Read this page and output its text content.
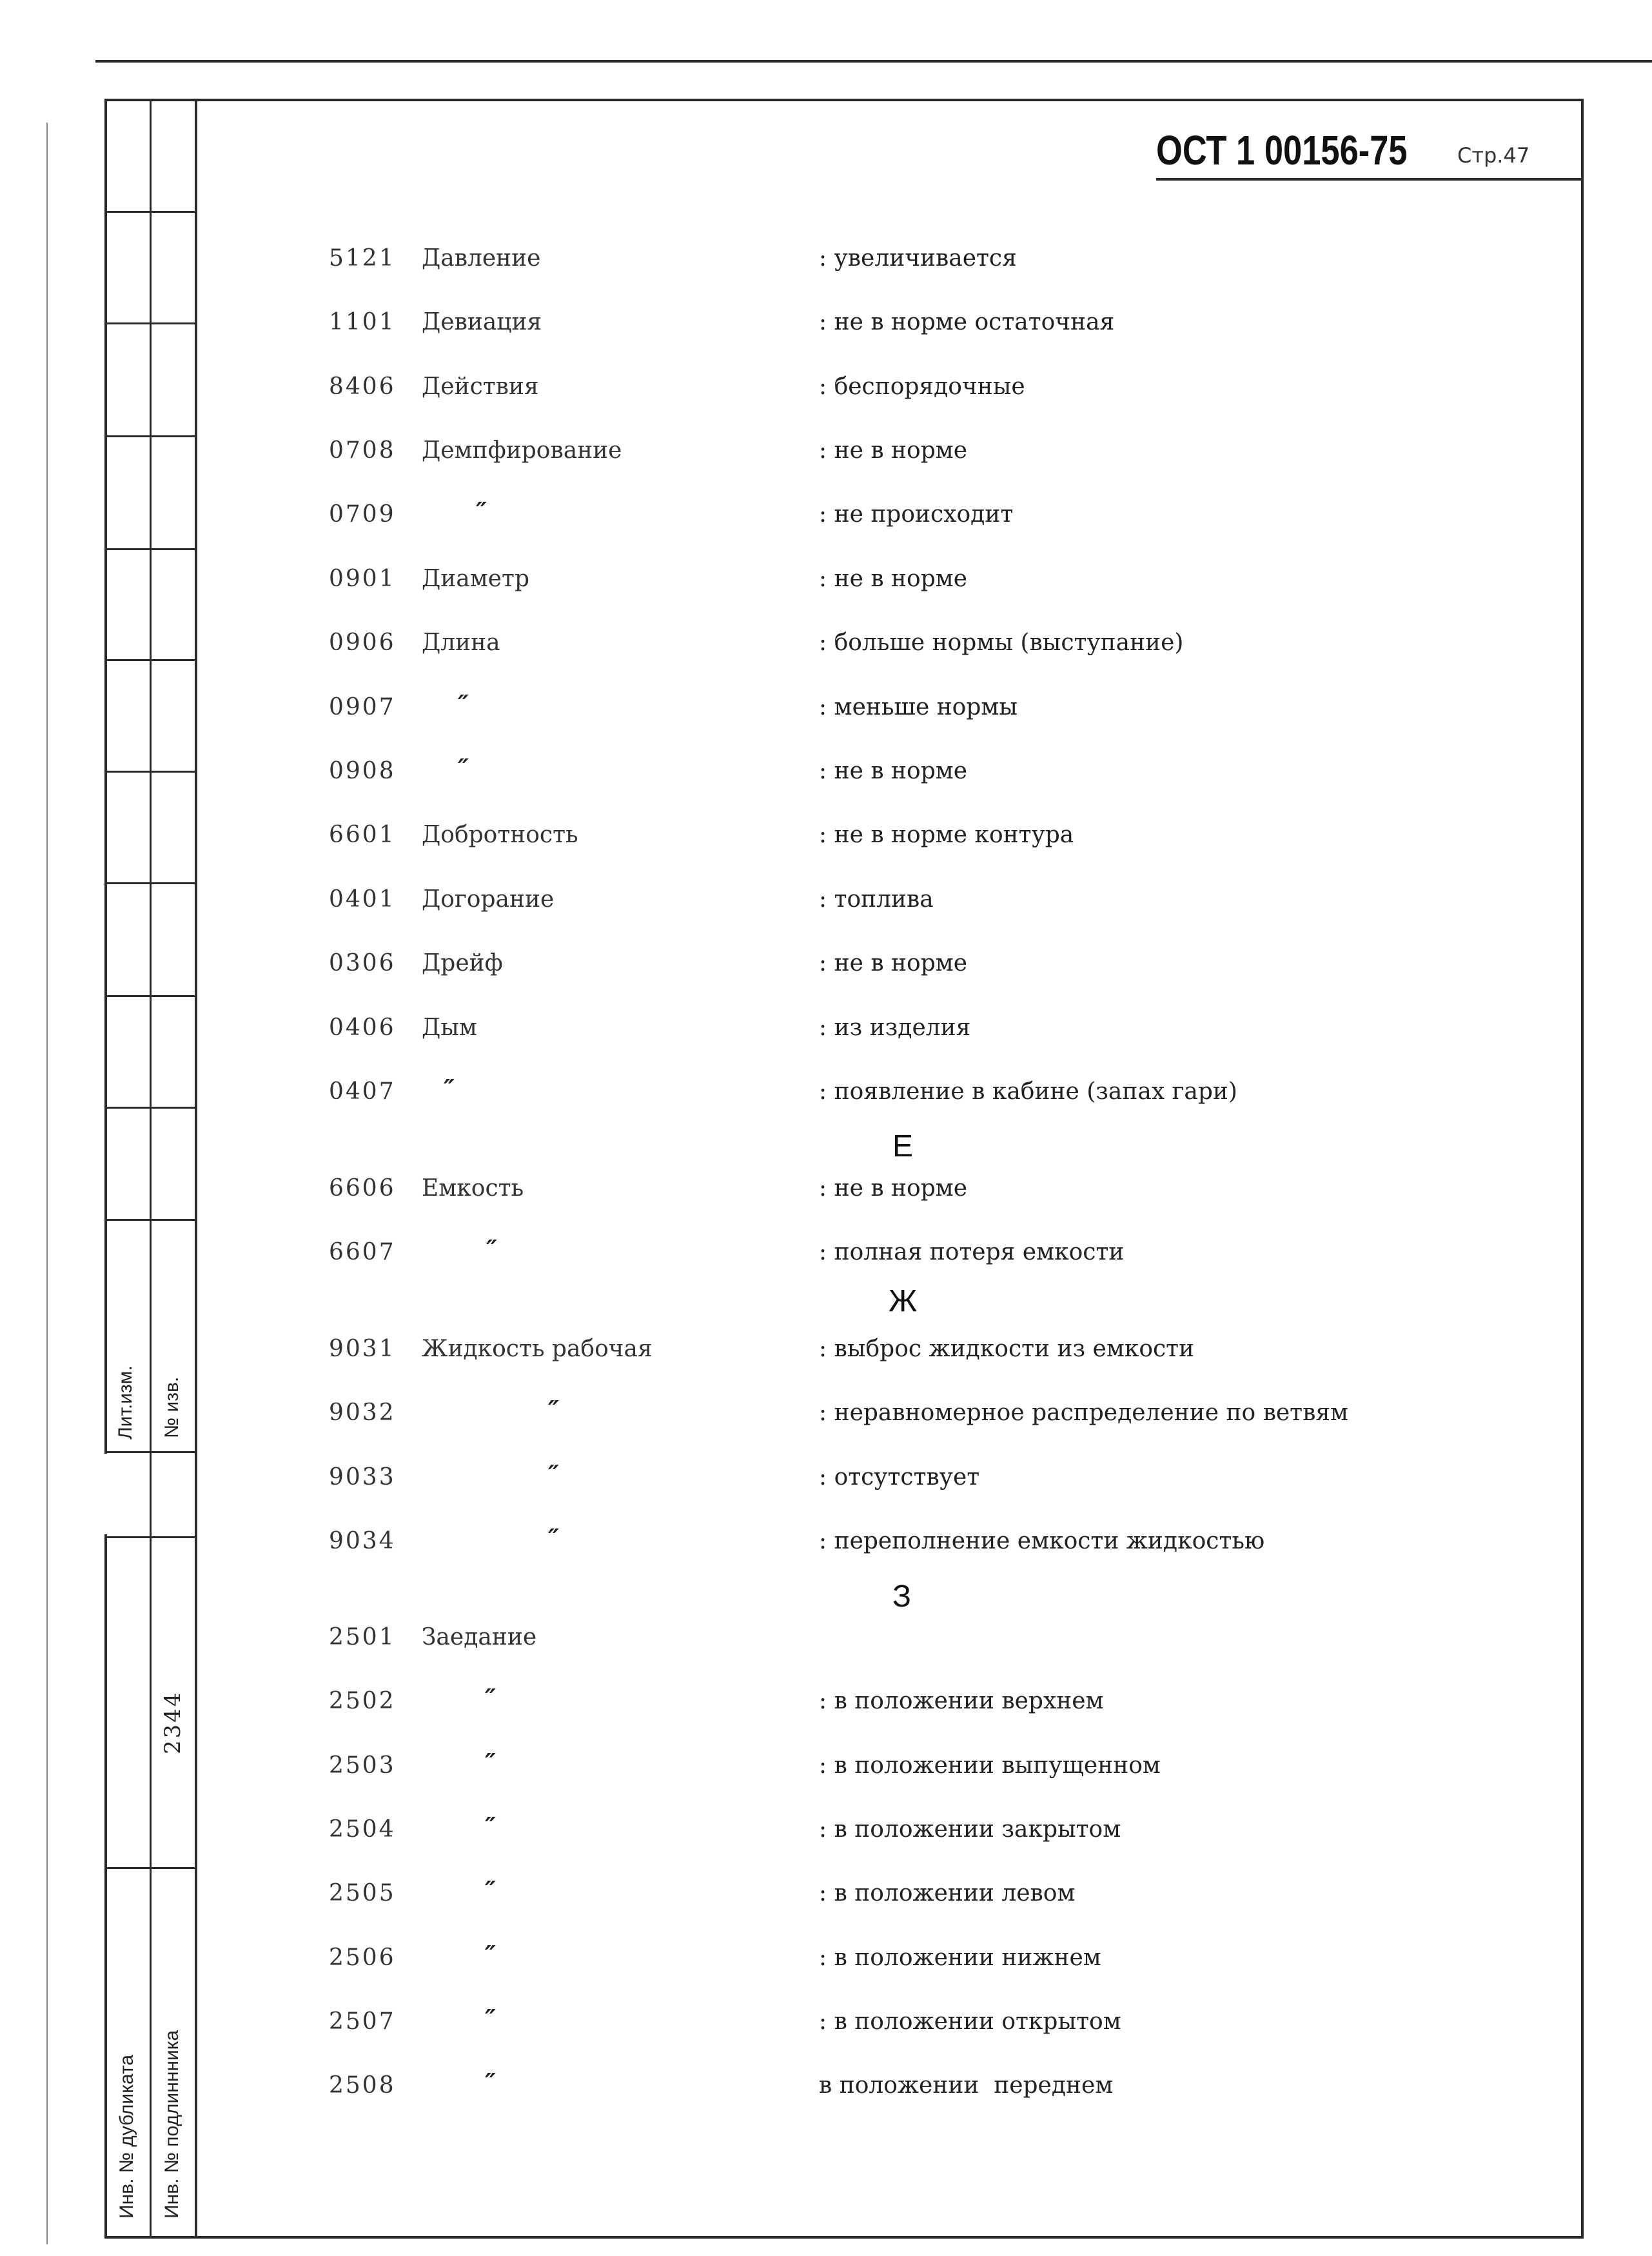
Лит.изм. № изв.
2344
Инв. № дубликата Инв. № подлиннника
ОСТ 1 00156-75 Стр.47
Е
Ж
З
5121 Давление	: увеличивается
1101 Девиация	: не в норме остаточная
8406 Действия	: беспорядочные
0708 Демпфирование	: не в норме
0709	″	: не происходит
0901 Диаметр	: не в норме
0906 Длина	: больше нормы (выступание)
0907	″	: меньше нормы
0908	″	: не в норме
6601 Добротность	: не в норме контура
0401 Догорание	: топлива
0306 Дрейф	: не в норме
0406 Дым	: из изделия
0407 ″	: появление в кабине (запах гари)
6606 Емкость	: не в норме
6607	″	: полная потеря емкости
9031 Жидкость рабочая	: выброс жидкости из емкости
9032	″	: неравномерное распределение по ветвям
9033	″	: отсутствует
9034	″	: переполнение емкости жидкостью
2501 Заедание
2502	″	: в положении верхнем
2503	″	: в положении выпущенном
2504	″	: в положении закрытом
2505	″	: в положении левом
2506	″	: в положении нижнем
2507	″	: в положении открытом
2508	″	в положении  переднем
